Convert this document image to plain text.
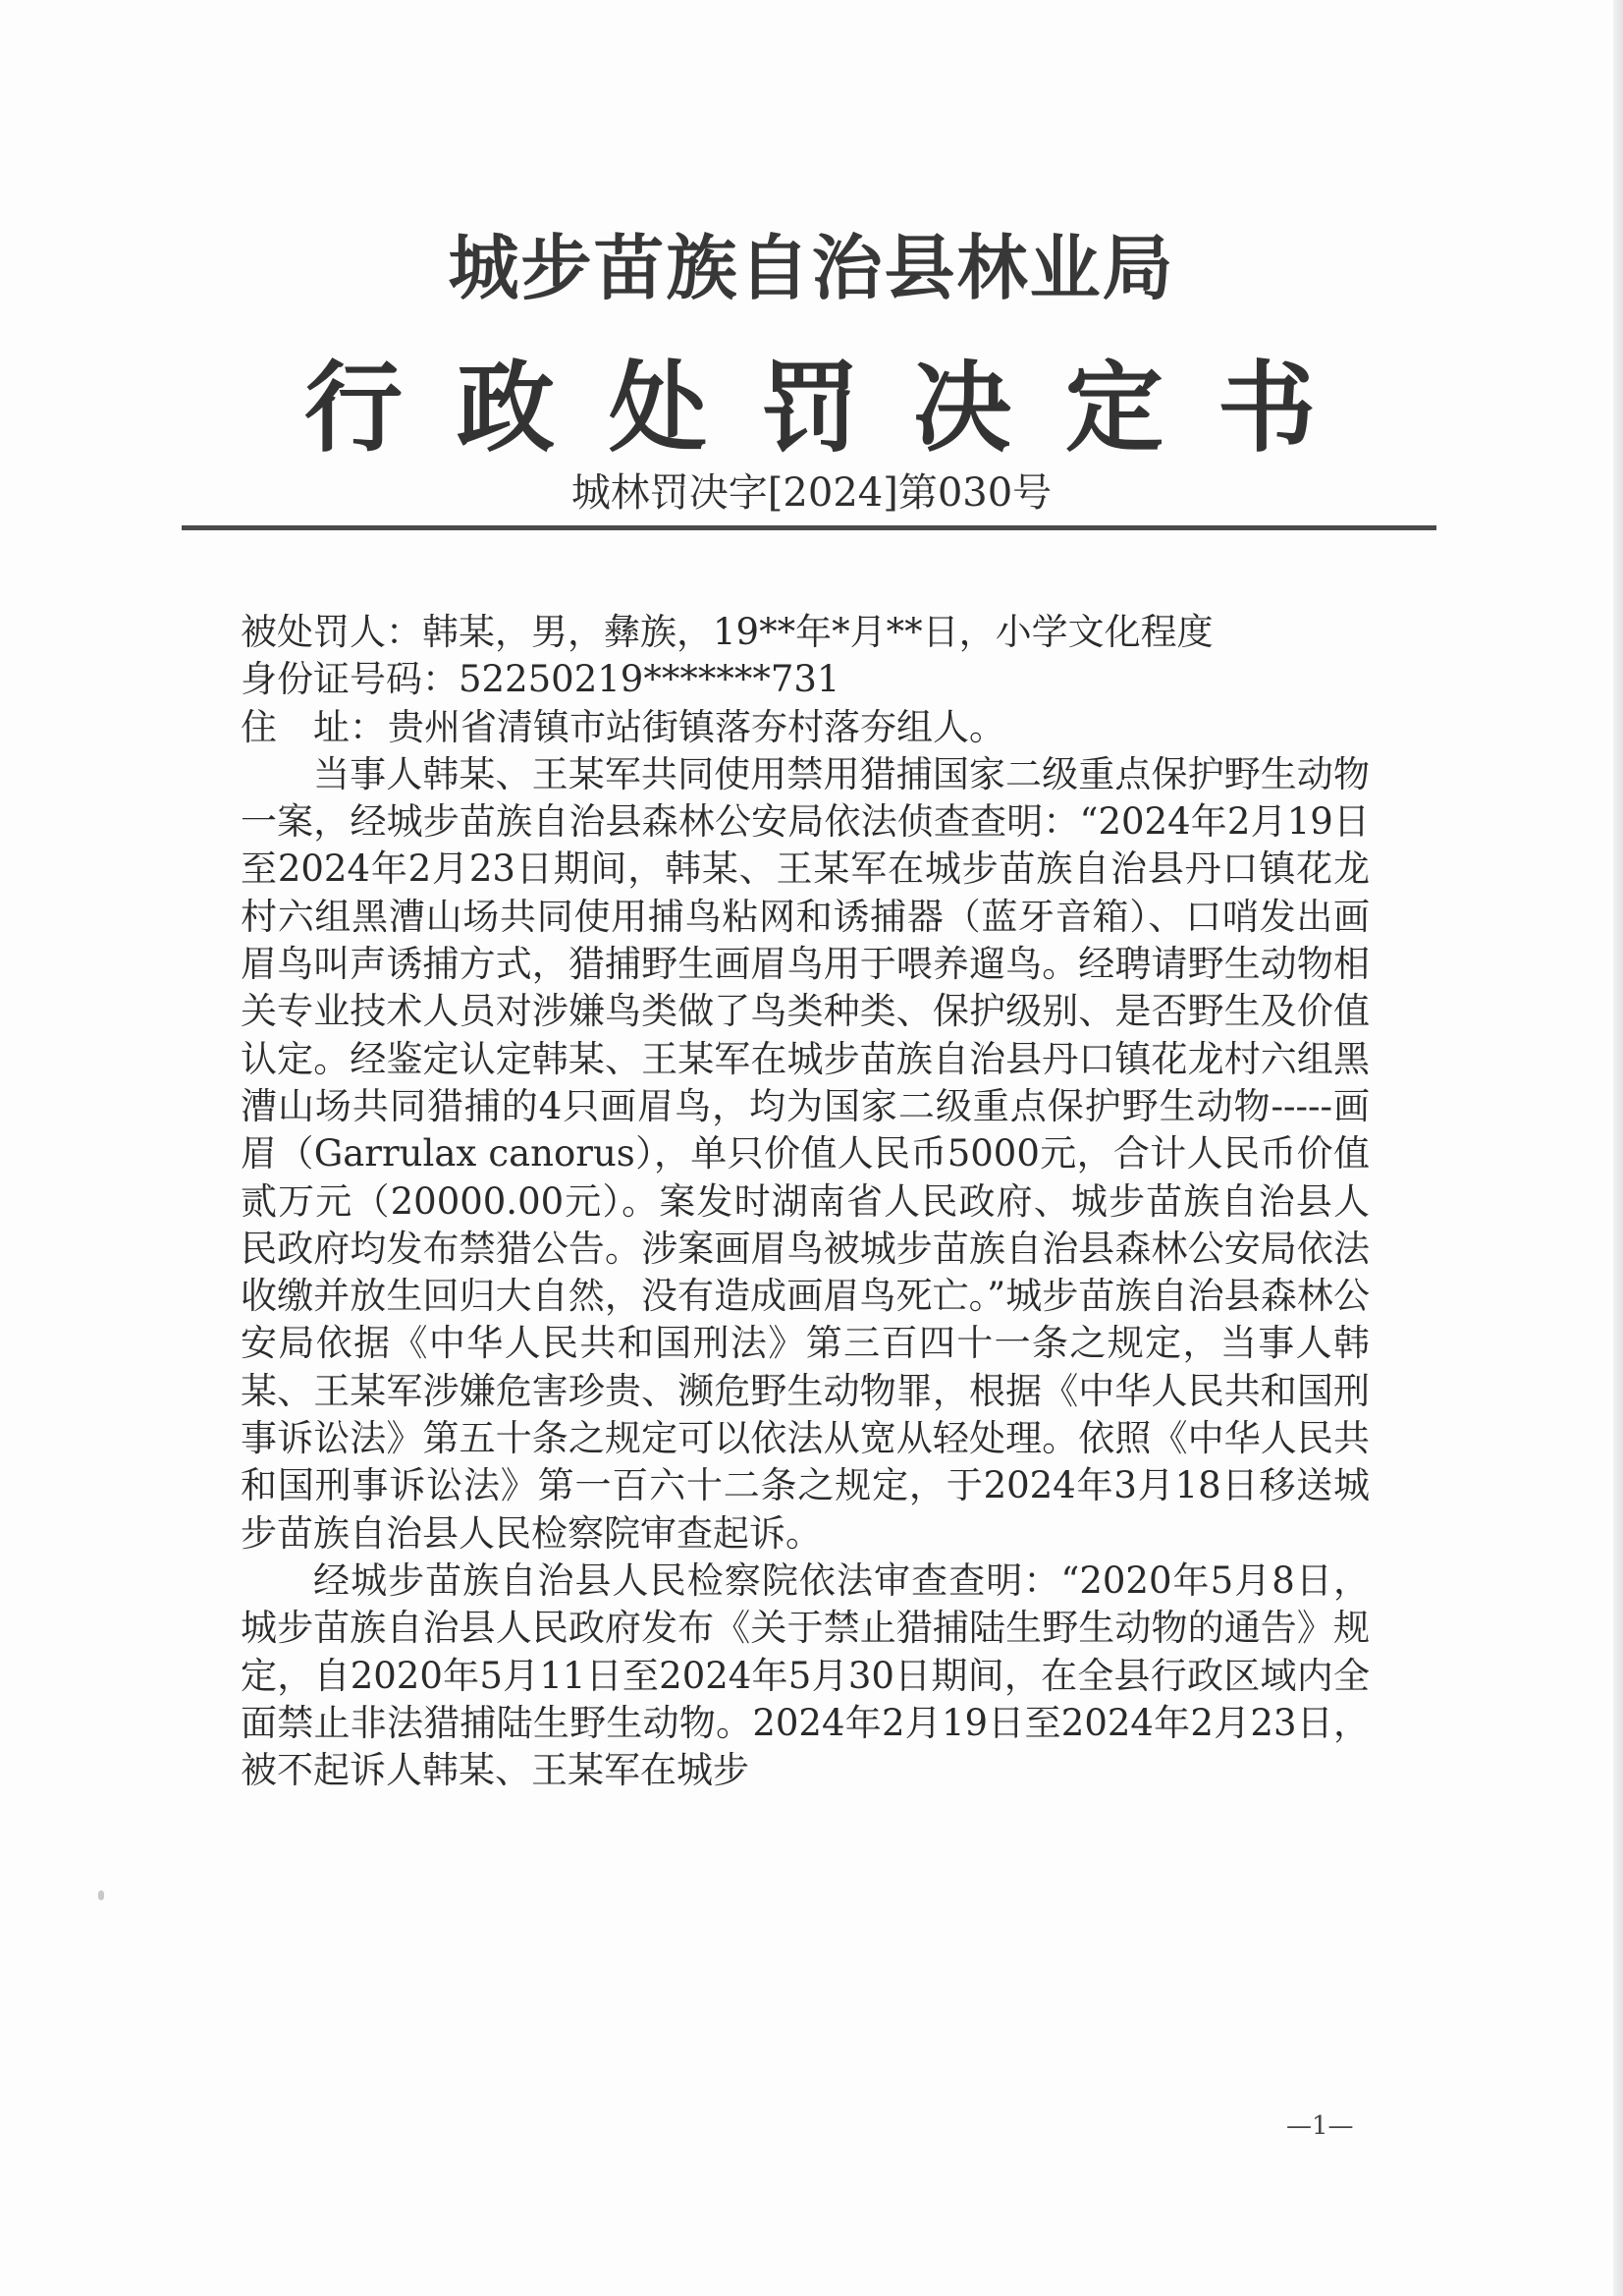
城步苗族自治县林业局
行政处罚决定书
城林罚决字[2024]第030号
被处罚人：韩某，男，彝族，19**年*月**日，小学文化程度
身份证号码：52250219*******731
住　址：贵州省清镇市站街镇落夯村落夯组人。
当事人韩某、王某军共同使用禁用猎捕国家二级重点保护野生动物一案，经城步苗族自治县森林公安局依法侦查查明：“2024年2月19日至2024年2月23日期间，韩某、王某军在城步苗族自治县丹口镇花龙村六组黑漕山场共同使用捕鸟粘网和诱捕器（蓝牙音箱）、口哨发出画眉鸟叫声诱捕方式，猎捕野生画眉鸟用于喂养遛鸟。经聘请野生动物相关专业技术人员对涉嫌鸟类做了鸟类种类、保护级别、是否野生及价值认定。经鉴定认定韩某、王某军在城步苗族自治县丹口镇花龙村六组黑漕山场共同猎捕的4只画眉鸟，均为国家二级重点保护野生动物-----画眉（Garrulax canorus），单只价值人民币5000元，合计人民币价值贰万元（20000.00元）。案发时湖南省人民政府、城步苗族自治县人民政府均发布禁猎公告。涉案画眉鸟被城步苗族自治县森林公安局依法收缴并放生回归大自然，没有造成画眉鸟死亡。”城步苗族自治县森林公安局依据《中华人民共和国刑法》第三百四十一条之规定，当事人韩某、王某军涉嫌危害珍贵、濒危野生动物罪，根据《中华人民共和国刑事诉讼法》第五十条之规定可以依法从宽从轻处理。依照《中华人民共和国刑事诉讼法》第一百六十二条之规定，于2024年3月18日移送城步苗族自治县人民检察院审查起诉。
经城步苗族自治县人民检察院依法审查查明：“2020年5月8日，城步苗族自治县人民政府发布《关于禁止猎捕陆生野生动物的通告》规定，自2020年5月11日至2024年5月30日期间，在全县行政区域内全面禁止非法猎捕陆生野生动物。2024年2月19日至2024年2月23日，被不起诉人韩某、王某军在城步
—1—
